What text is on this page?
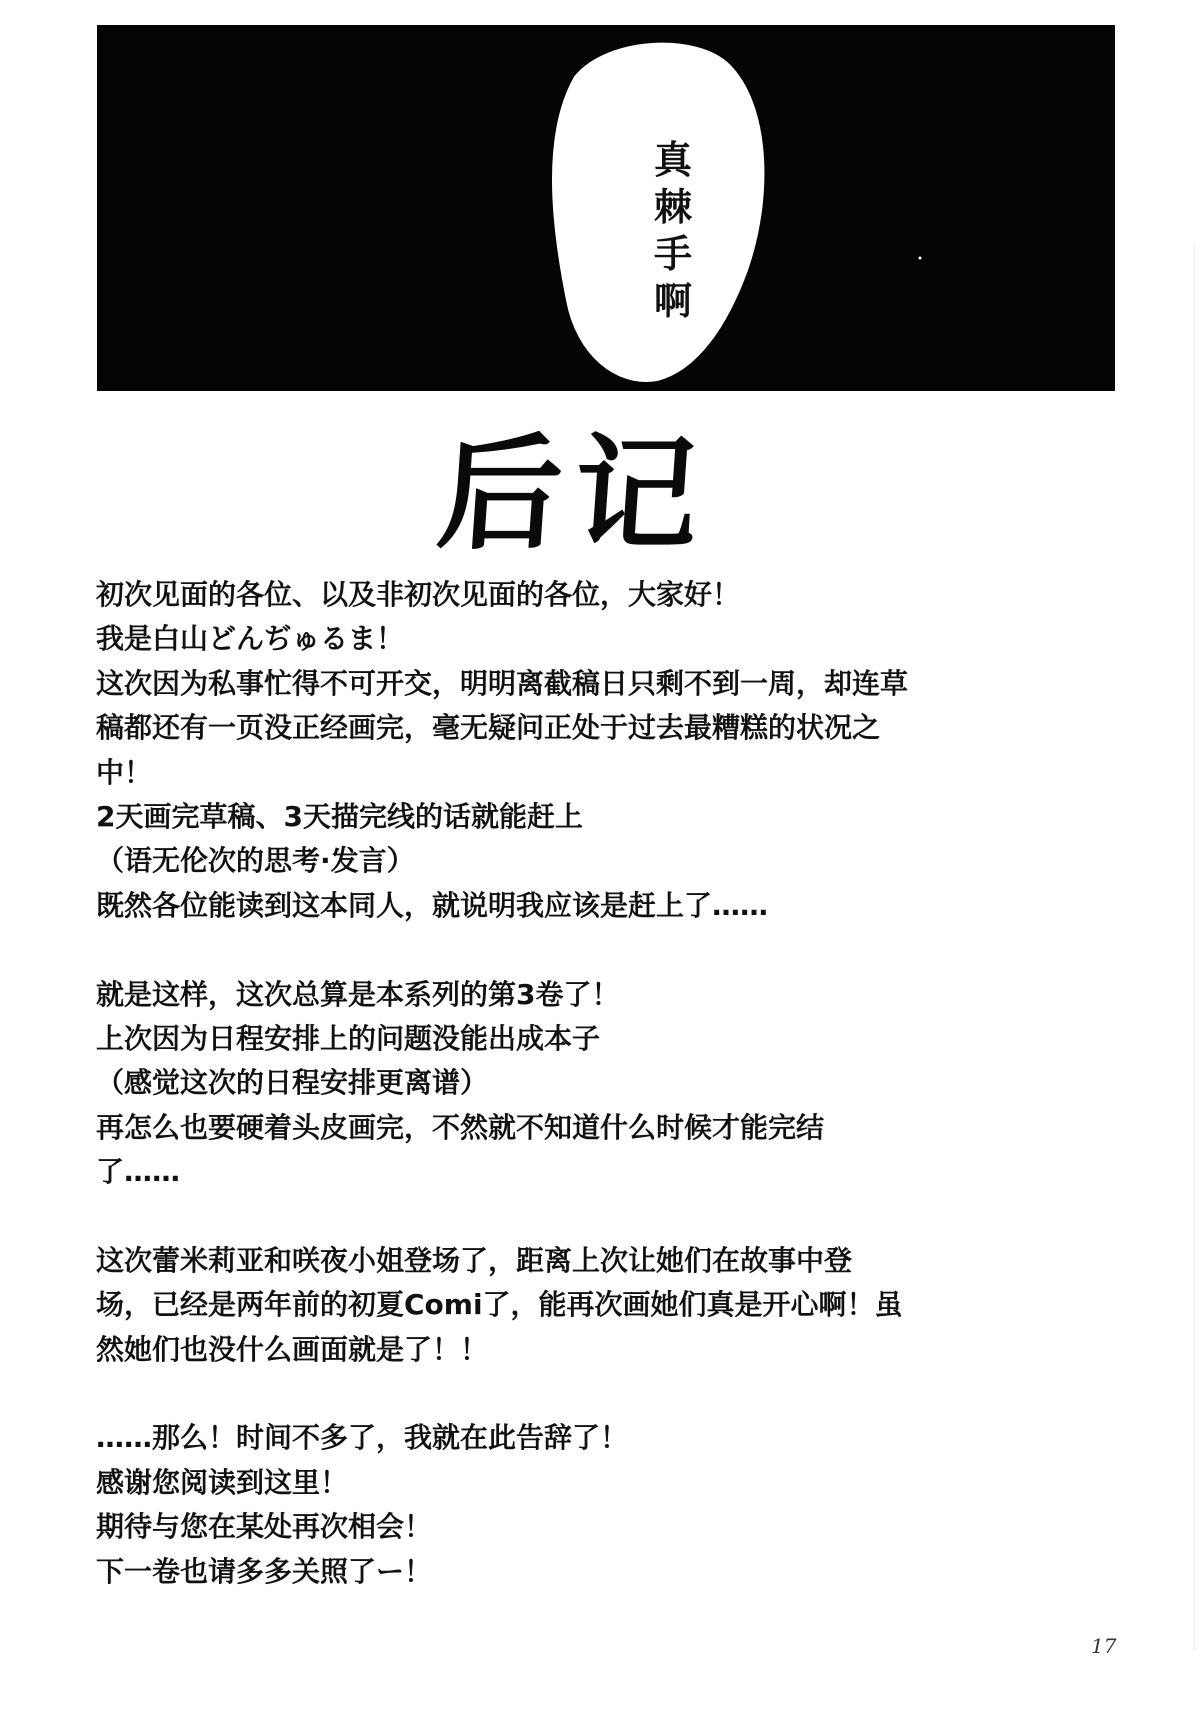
真棘手啊
后记
初次见面的各位、以及非初次见面的各位，大家好！
我是白山どんぢゅるま！
这次因为私事忙得不可开交，明明离截稿日只剩不到一周，却连草
稿都还有一页没正经画完，毫无疑问正处于过去最糟糕的状况之
中！
2天画完草稿、3天描完线的话就能赶上
（语无伦次的思考·发言）
既然各位能读到这本同人，就说明我应该是赶上了……
就是这样，这次总算是本系列的第3卷了！
上次因为日程安排上的问题没能出成本子
（感觉这次的日程安排更离谱）
再怎么也要硬着头皮画完，不然就不知道什么时候才能完结
了……
这次蕾米莉亚和咲夜小姐登场了，距离上次让她们在故事中登
场，已经是两年前的初夏Comi了，能再次画她们真是开心啊！虽
然她们也没什么画面就是了！！
……那么！时间不多了，我就在此告辞了！
感谢您阅读到这里！
期待与您在某处再次相会！
下一卷也请多多关照了ー！
17
